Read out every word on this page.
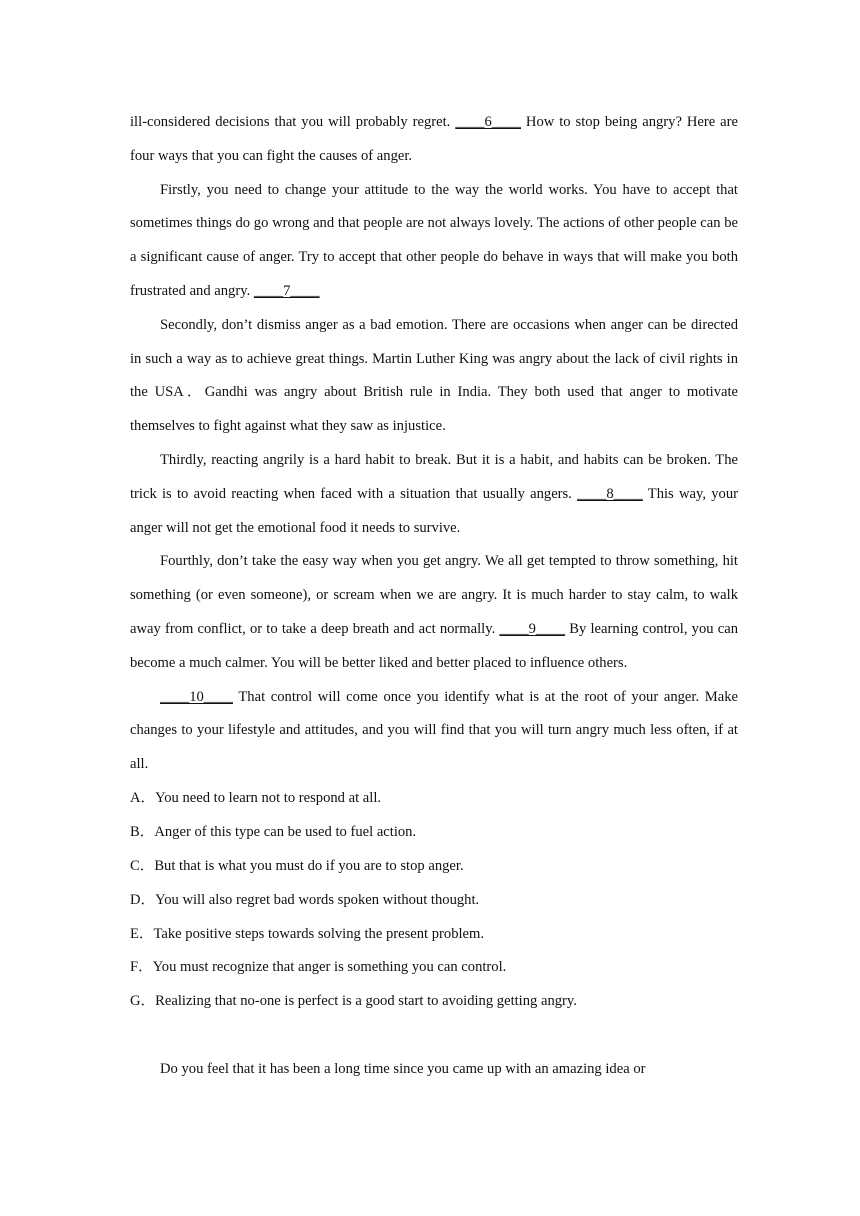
ill-considered decisions that you will probably regret. ____6____ How to stop being angry? Here are four ways that you can fight the causes of anger.

Firstly, you need to change your attitude to the way the world works. You have to accept that sometimes things do go wrong and that people are not always lovely. The actions of other people can be a significant cause of anger. Try to accept that other people do behave in ways that will make you both frustrated and angry. ____7____

Secondly, don’t dismiss anger as a bad emotion. There are occasions when anger can be directed in such a way as to achieve great things. Martin Luther King was angry about the lack of civil rights in the USA．Gandhi was angry about British rule in India. They both used that anger to motivate themselves to fight against what they saw as injustice.

Thirdly, reacting angrily is a hard habit to break. But it is a habit, and habits can be broken. The trick is to avoid reacting when faced with a situation that usually angers. ____8____ This way, your anger will not get the emotional food it needs to survive.

Fourthly, don’t take the easy way when you get angry. We all get tempted to throw something, hit something (or even someone), or scream when we are angry. It is much harder to stay calm, to walk away from conflict, or to take a deep breath and act normally. ____9____ By learning control, you can become a much calmer. You will be better liked and better placed to influence others.

____10____ That control will come once you identify what is at the root of your anger. Make changes to your lifestyle and attitudes, and you will find that you will turn angry much less often, if at all.

A．You need to learn not to respond at all.
B．Anger of this type can be used to fuel action.
C．But that is what you must do if you are to stop anger.
D．You will also regret bad words spoken without thought.
E．Take positive steps towards solving the present problem.
F．You must recognize that anger is something you can control.
G．Realizing that no-one is perfect is a good start to avoiding getting angry.

Do you feel that it has been a long time since you came up with an amazing idea or
